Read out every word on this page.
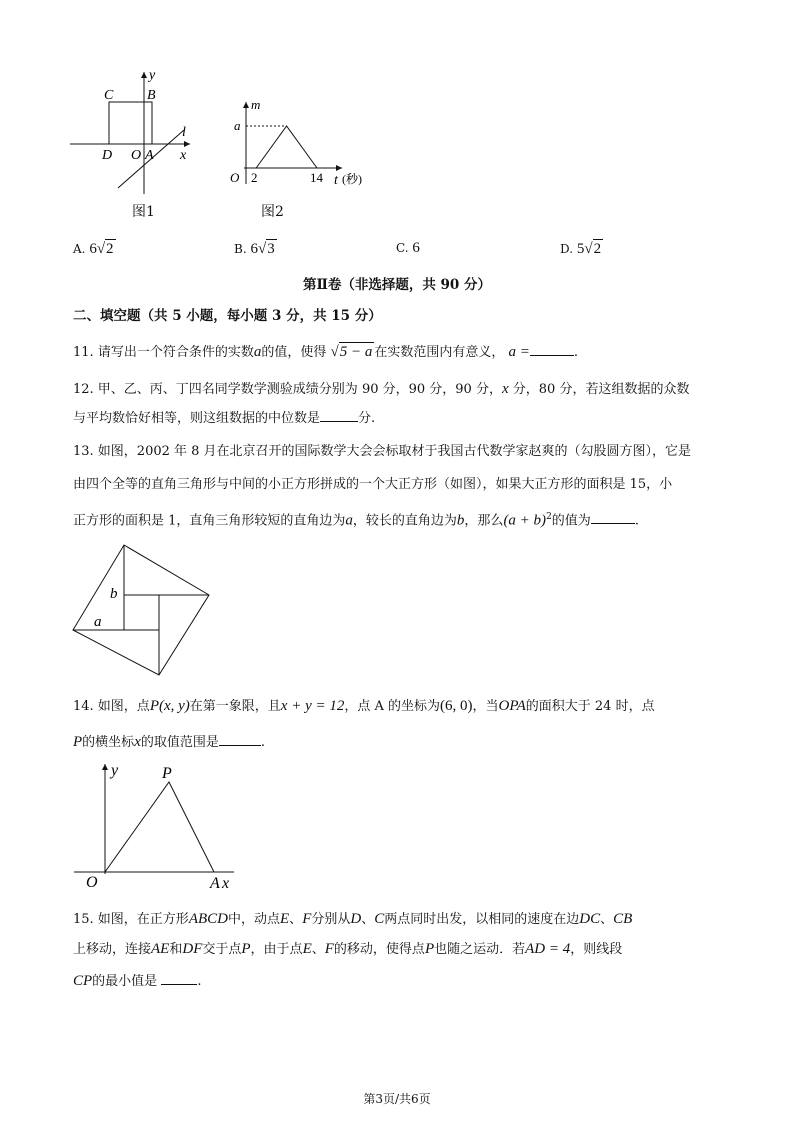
C B
y
D O A x
l
图1
m
a
O 2	14 t (秒)
图2
A. 6√2	B. 6√3	C. 6	D. 5√2
第Ⅱ卷（非选择题，共 90 分）
二、填空题（共 5 小题，每小题 3 分，共 15 分）
11. 请写出一个符合条件的实数a的值，使得 √5 − a 在实数范围内有意义， a =	.
12. 甲、乙、丙、丁四名同学数学测验成绩分别为 90 分，90 分，90 分，x 分，80 分，若这组数据的众数
与平均数恰好相等，则这组数据的中位数是	分.
13. 如图，2002 年 8 月在北京召开的国际数学大会会标取材于我国古代数学家赵爽的（勾股圆方图），它是
由四个全等的直角三角形与中间的小正方形拼成的一个大正方形（如图），如果大正方形的面积是 15，小
正方形的面积是 1，直角三角形较短的直角边为a，较长的直角边为b，那么$(a + b)^2$的值为	.
b
a
14. 如图，点P(x, y)在第一象限，且x + y = 12，点 A 的坐标为(6, 0)，当OPA的面积大于 24 时，点
P的横坐标x的取值范围是	.
y	P
O	A x
15. 如图，在正方形ABCD中，动点E、F分别从D、C两点同时出发，以相同的速度在边DC、CB
上移动，连接AE和DF交于点P，由于点E、F的移动，使得点P也随之运动．若AD = 4，则线段
CP的最小值是	.
第3页/共6页
